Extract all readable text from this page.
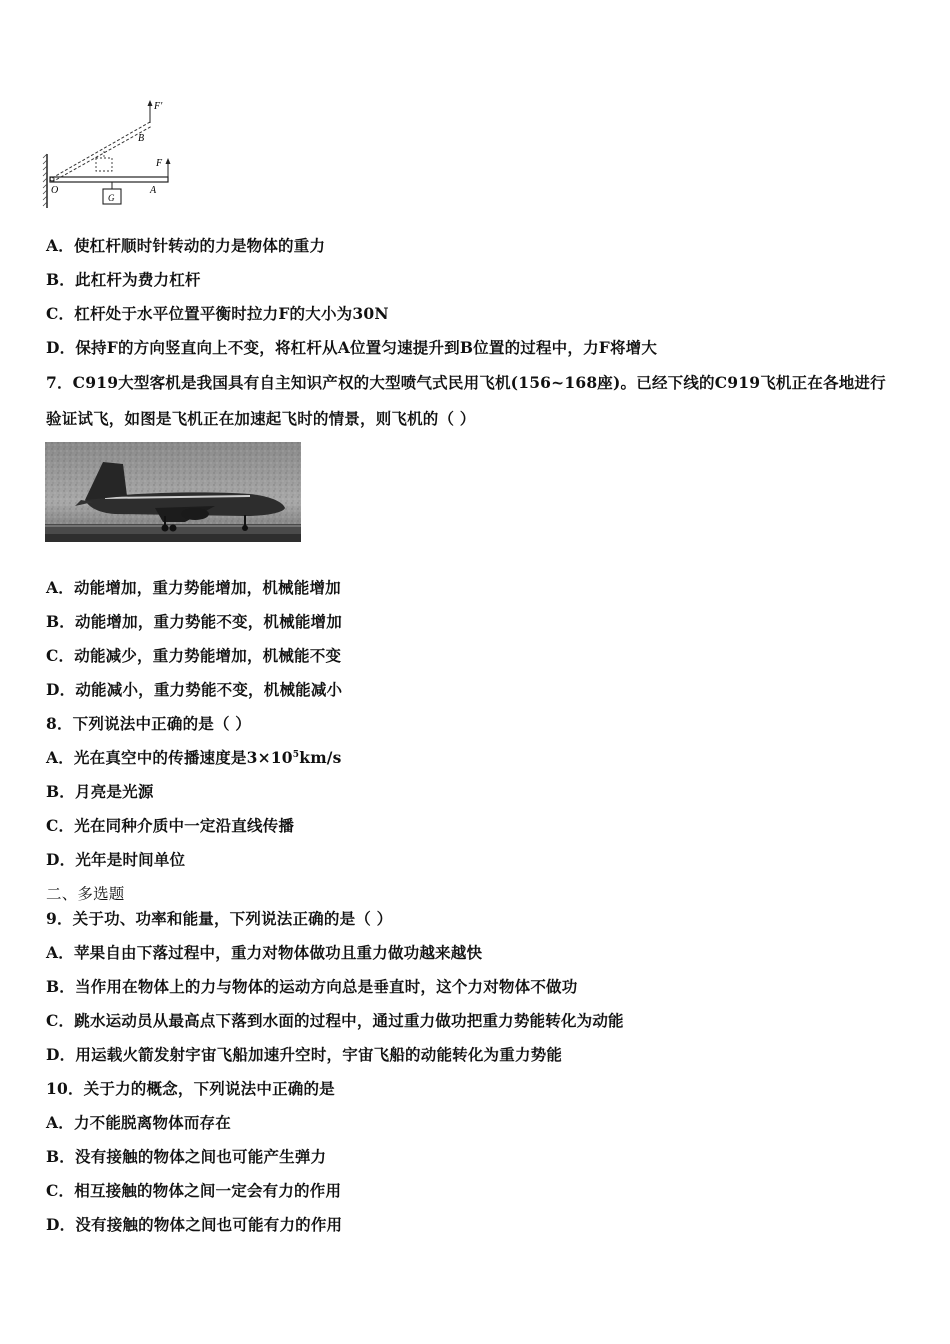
F'
B
F
O	A
G
A．使杠杆顺时针转动的力是物体的重力
B．此杠杆为费力杠杆
C．杠杆处于水平位置平衡时拉力F的大小为30N
D．保持F的方向竖直向上不变，将杠杆从A位置匀速提升到B位置的过程中，力F将增大
7．C919大型客机是我国具有自主知识产权的大型喷气式民用飞机(156~168座)。已经下线的C919飞机正在各地进行
验证试飞，如图是飞机正在加速起飞时的情景，则飞机的（ ）
A．动能增加，重力势能增加，机械能增加
B．动能增加，重力势能不变，机械能增加
C．动能减少，重力势能增加，机械能不变
D．动能减小，重力势能不变，机械能减小
8．下列说法中正确的是（ ）
A．光在真空中的传播速度是$3\times 10^5km/s$
B．月亮是光源
C．光在同种介质中一定沿直线传播
D．光年是时间单位
二、多选题
9．关于功、功率和能量，下列说法正确的是（ ）
A．苹果自由下落过程中，重力对物体做功且重力做功越来越快
B．当作用在物体上的力与物体的运动方向总是垂直时，这个力对物体不做功
C．跳水运动员从最高点下落到水面的过程中，通过重力做功把重力势能转化为动能
D．用运载火箭发射宇宙飞船加速升空时，宇宙飞船的动能转化为重力势能
10．关于力的概念，下列说法中正确的是
A．力不能脱离物体而存在
B．没有接触的物体之间也可能产生弹力
C．相互接触的物体之间一定会有力的作用
D．没有接触的物体之间也可能有力的作用
